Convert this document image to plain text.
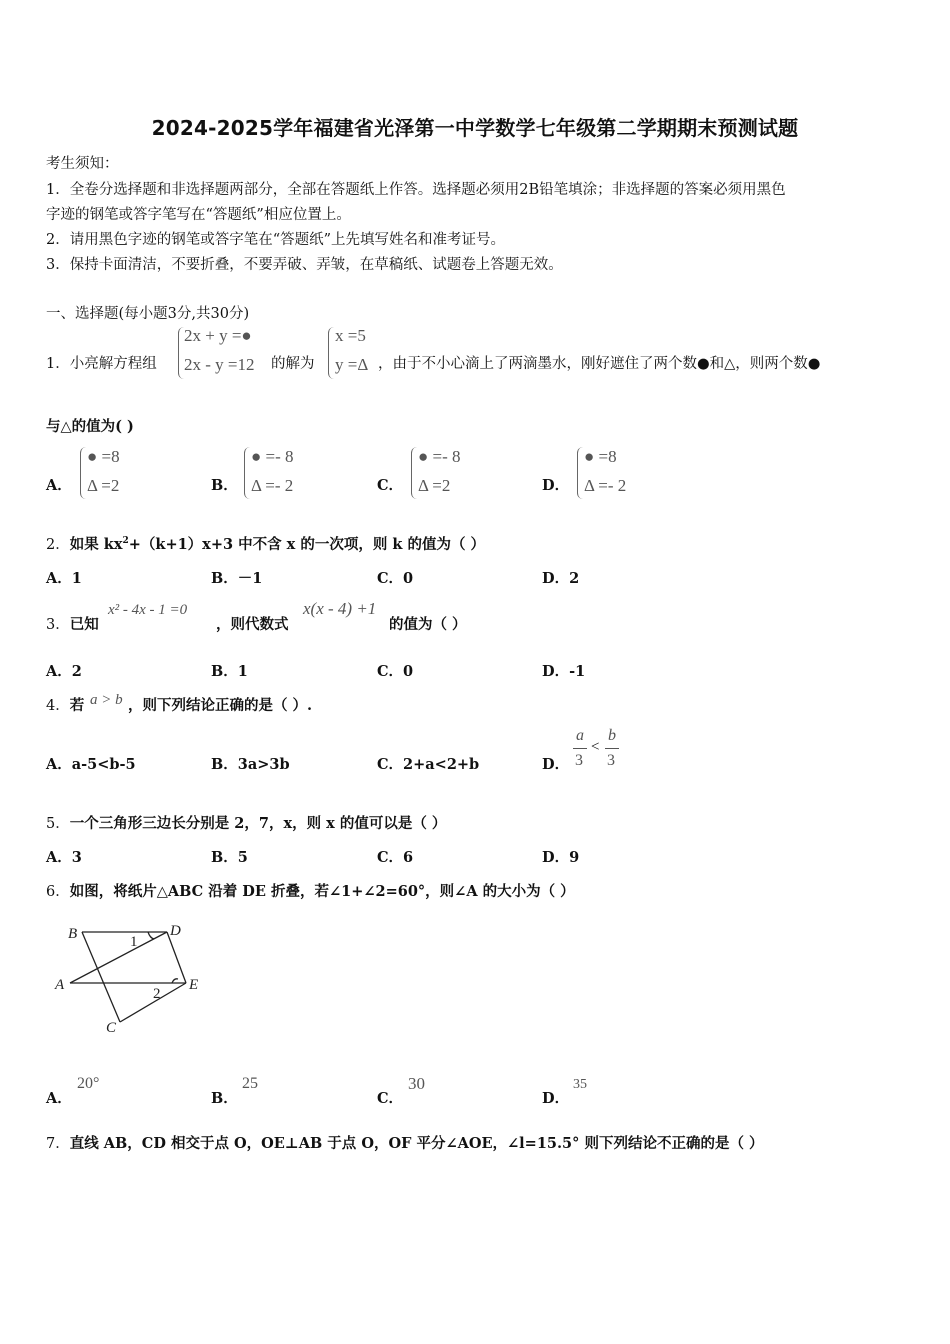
2024-2025学年福建省光泽第一中学数学七年级第二学期期末预测试题
考生须知：
1．全卷分选择题和非选择题两部分，全部在答题纸上作答。选择题必须用2B铅笔填涂；非选择题的答案必须用黑色
字迹的钢笔或答字笔写在“答题纸”相应位置上。
2．请用黑色字迹的钢笔或答字笔在“答题纸”上先填写姓名和准考证号。
3．保持卡面清洁，不要折叠，不要弄破、弄皱，在草稿纸、试题卷上答题无效。
一、选择题(每小题3分,共30分)
1．小亮解方程组
2x + y =●
2x - y =12 的解为
x =5
y =Δ ，由于不小心滴上了两滴墨水，刚好遮住了两个数●和△，则两个数●
与△的值为( )
A．
● =8
Δ =2	B．
● =- 8
Δ =- 2	C．
● =- 8
Δ =2	D．
● =8
Δ =- 2
2．如果 $kx^2+(k+1)x+3$ 中不含 x 的一次项，则 k 的值为（ ）
A．1	B．－1	C．0	D．2
3．已知
x² - 4x - 1 =0
，则代数式
x(x - 4) +1
的值为（ ）
A．2	B．1	C．0	D．-1
4．若 a > b ，则下列结论正确的是（ ）.
A．a-5<b-5	B．3a>3b	C．2+a<2+b	D．
a
3
<
b
3
5．一个三角形三边长分别是 2，7，x，则 x 的值可以是（ ）
A．3	B．5	C．6	D．9
6．如图，将纸片△ABC 沿着 DE 折叠，若∠1+∠2=60°，则∠A 的大小为（ ）
B	D
A	E
C
1
2
A．
20°
B．
25
C．
30
D．
35
7．直线 AB，CD 相交于点 O，OE⊥AB 于点 O，OF 平分∠AOE，∠l=15.5° 则下列结论不正确的是（ ）
